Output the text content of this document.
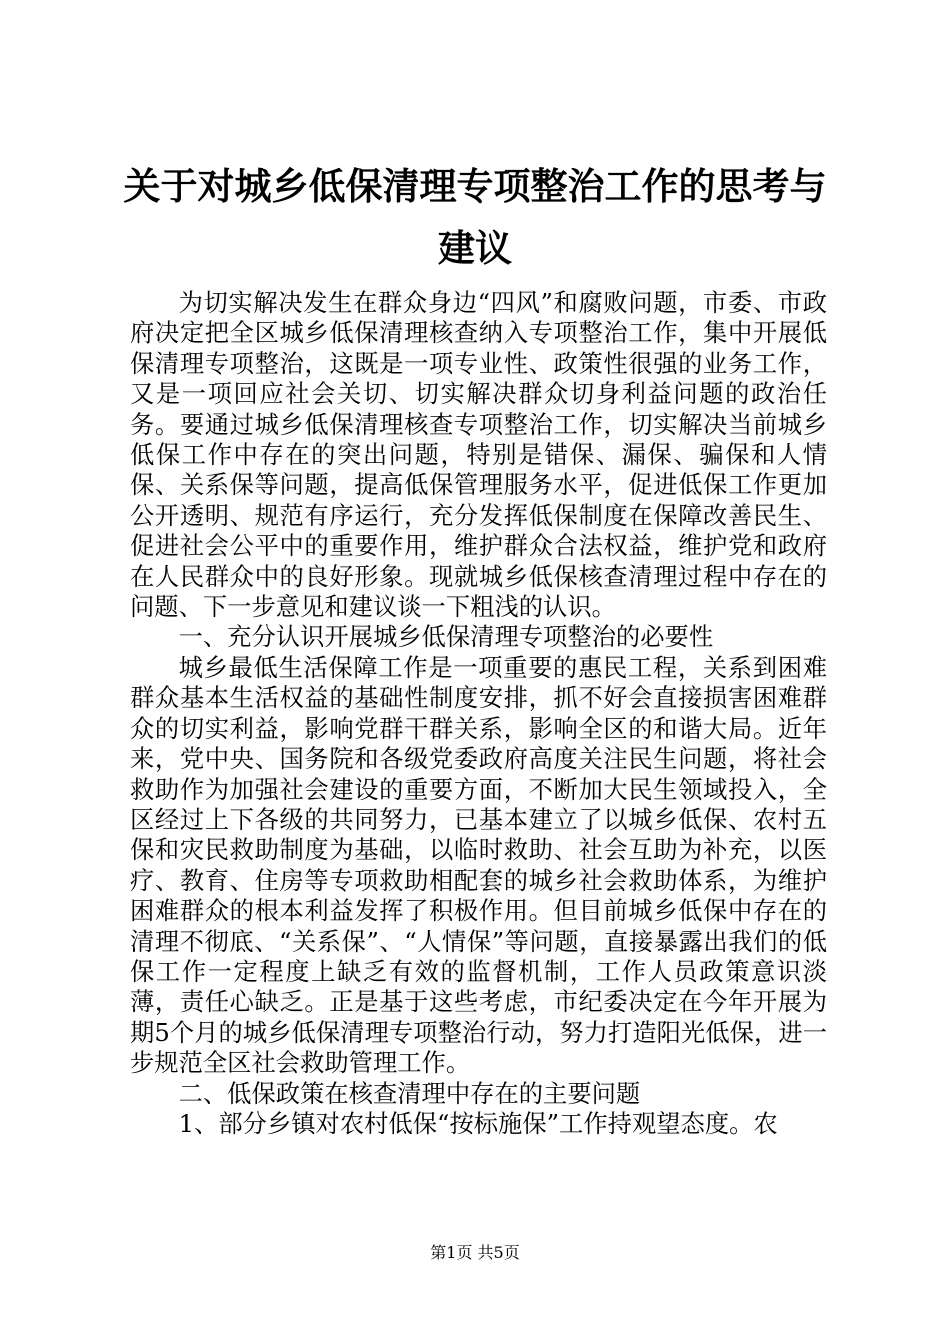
关于对城乡低保清理专项整治工作的思考与建议

为切实解决发生在群众身边“四风”和腐败问题，市委、市政府决定把全区城乡低保清理核查纳入专项整治工作，集中开展低保清理专项整治，这既是一项专业性、政策性很强的业务工作，又是一项回应社会关切、切实解决群众切身利益问题的政治任务。要通过城乡低保清理核查专项整治工作，切实解决当前城乡低保工作中存在的突出问题，特别是错保、漏保、骗保和人情保、关系保等问题，提高低保管理服务水平，促进低保工作更加公开透明、规范有序运行，充分发挥低保制度在保障改善民生、促进社会公平中的重要作用，维护群众合法权益，维护党和政府在人民群众中的良好形象。现就城乡低保核查清理过程中存在的问题、下一步意见和建议谈一下粗浅的认识。

一、充分认识开展城乡低保清理专项整治的必要性

城乡最低生活保障工作是一项重要的惠民工程，关系到困难群众基本生活权益的基础性制度安排，抓不好会直接损害困难群众的切实利益，影响党群干群关系，影响全区的和谐大局。近年来，党中央、国务院和各级党委政府高度关注民生问题，将社会救助作为加强社会建设的重要方面，不断加大民生领域投入，全区经过上下各级的共同努力，已基本建立了以城乡低保、农村五保和灾民救助制度为基础，以临时救助、社会互助为补充，以医疗、教育、住房等专项救助相配套的城乡社会救助体系，为维护困难群众的根本利益发挥了积极作用。但目前城乡低保中存在的清理不彻底、“关系保”、“人情保”等问题，直接暴露出我们的低保工作一定程度上缺乏有效的监督机制，工作人员政策意识淡薄，责任心缺乏。正是基于这些考虑，市纪委决定在今年开展为期5个月的城乡低保清理专项整治行动，努力打造阳光低保，进一步规范全区社会救助管理工作。

二、低保政策在核查清理中存在的主要问题

1、部分乡镇对农村低保“按标施保”工作持观望态度。农

第1页 共5页
